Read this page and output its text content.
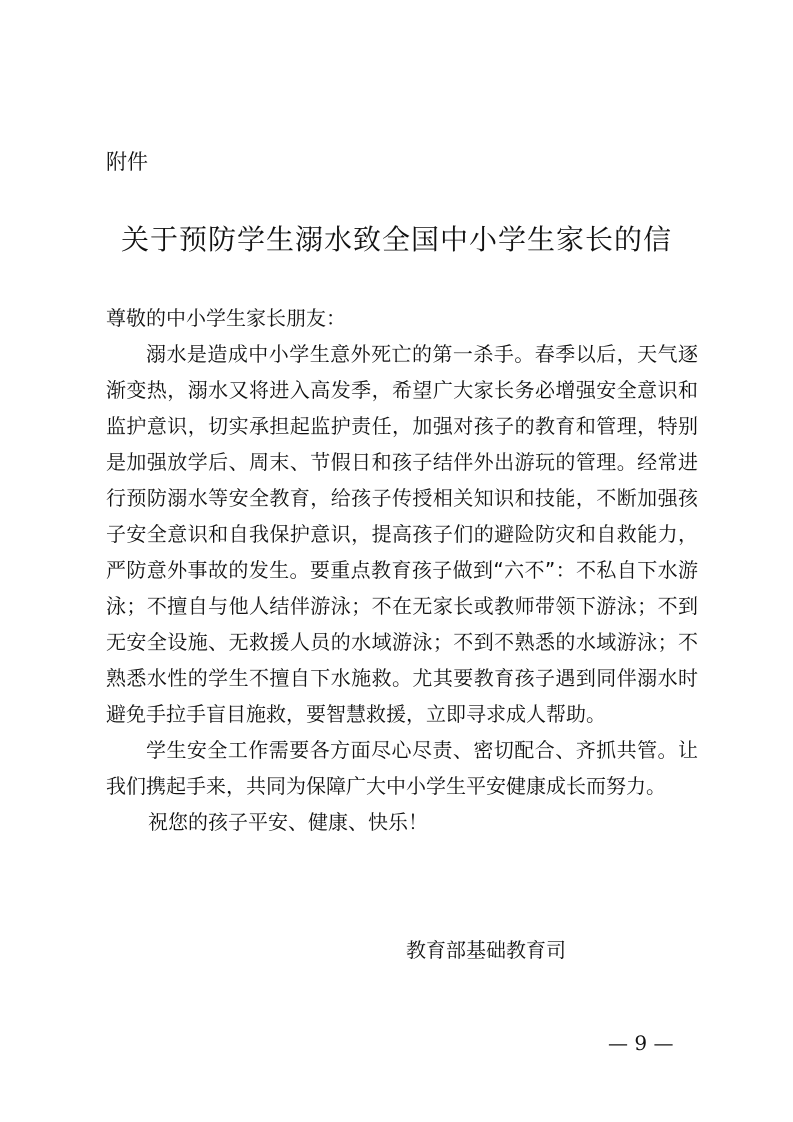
附件
关于预防学生溺水致全国中小学生家长的信

尊敬的中小学生家长朋友：

溺水是造成中小学生意外死亡的第一杀手。春季以后，天气逐渐变热，溺水又将进入高发季，希望广大家长务必增强安全意识和监护意识，切实承担起监护责任，加强对孩子的教育和管理，特别是加强放学后、周末、节假日和孩子结伴外出游玩的管理。经常进行预防溺水等安全教育，给孩子传授相关知识和技能，不断加强孩子安全意识和自我保护意识，提高孩子们的避险防灾和自救能力，严防意外事故的发生。要重点教育孩子做到“六不”：不私自下水游泳；不擅自与他人结伴游泳；不在无家长或教师带领下游泳；不到无安全设施、无救援人员的水域游泳；不到不熟悉的水域游泳；不熟悉水性的学生不擅自下水施救。尤其要教育孩子遇到同伴溺水时避免手拉手盲目施救，要智慧救援，立即寻求成人帮助。

学生安全工作需要各方面尽心尽责、密切配合、齐抓共管。让我们携起手来，共同为保障广大中小学生平安健康成长而努力。

祝您的孩子平安、健康、快乐！

教育部基础教育司
— 9 —
